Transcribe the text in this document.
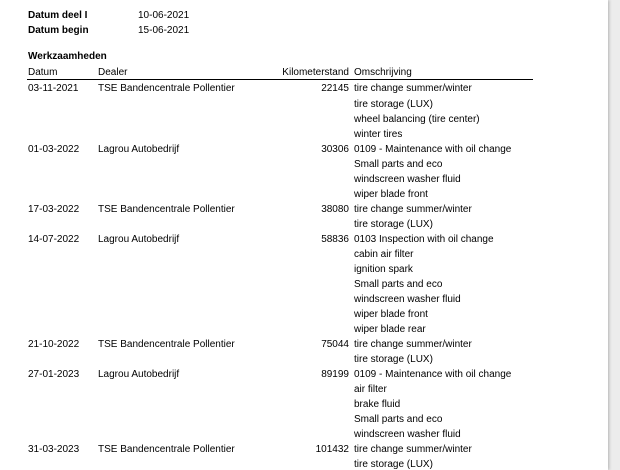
Datum deel I	10-06-2021
Datum begin	15-06-2021
Werkzaamheden
Datum	Dealer	Kilometerstand	Omschrijving
03-11-2021	TSE Bandencentrale Pollentier	22145	tire change summer/winter
			tire storage (LUX)
			wheel balancing (tire center)
			winter tires
01-03-2022	Lagrou Autobedrijf	30306	0109 - Maintenance with oil change
			Small parts and eco
			windscreen washer fluid
			wiper blade front
17-03-2022	TSE Bandencentrale Pollentier	38080	tire change summer/winter
			tire storage (LUX)
14-07-2022	Lagrou Autobedrijf	58836	0103 Inspection with oil change
			cabin air filter
			ignition spark
			Small parts and eco
			windscreen washer fluid
			wiper blade front
			wiper blade rear
21-10-2022	TSE Bandencentrale Pollentier	75044	tire change summer/winter
			tire storage (LUX)
27-01-2023	Lagrou Autobedrijf	89199	0109 - Maintenance with oil change
			air filter
			brake fluid
			Small parts and eco
			windscreen washer fluid
31-03-2023	TSE Bandencentrale Pollentier	101432	tire change summer/winter
			tire storage (LUX)
